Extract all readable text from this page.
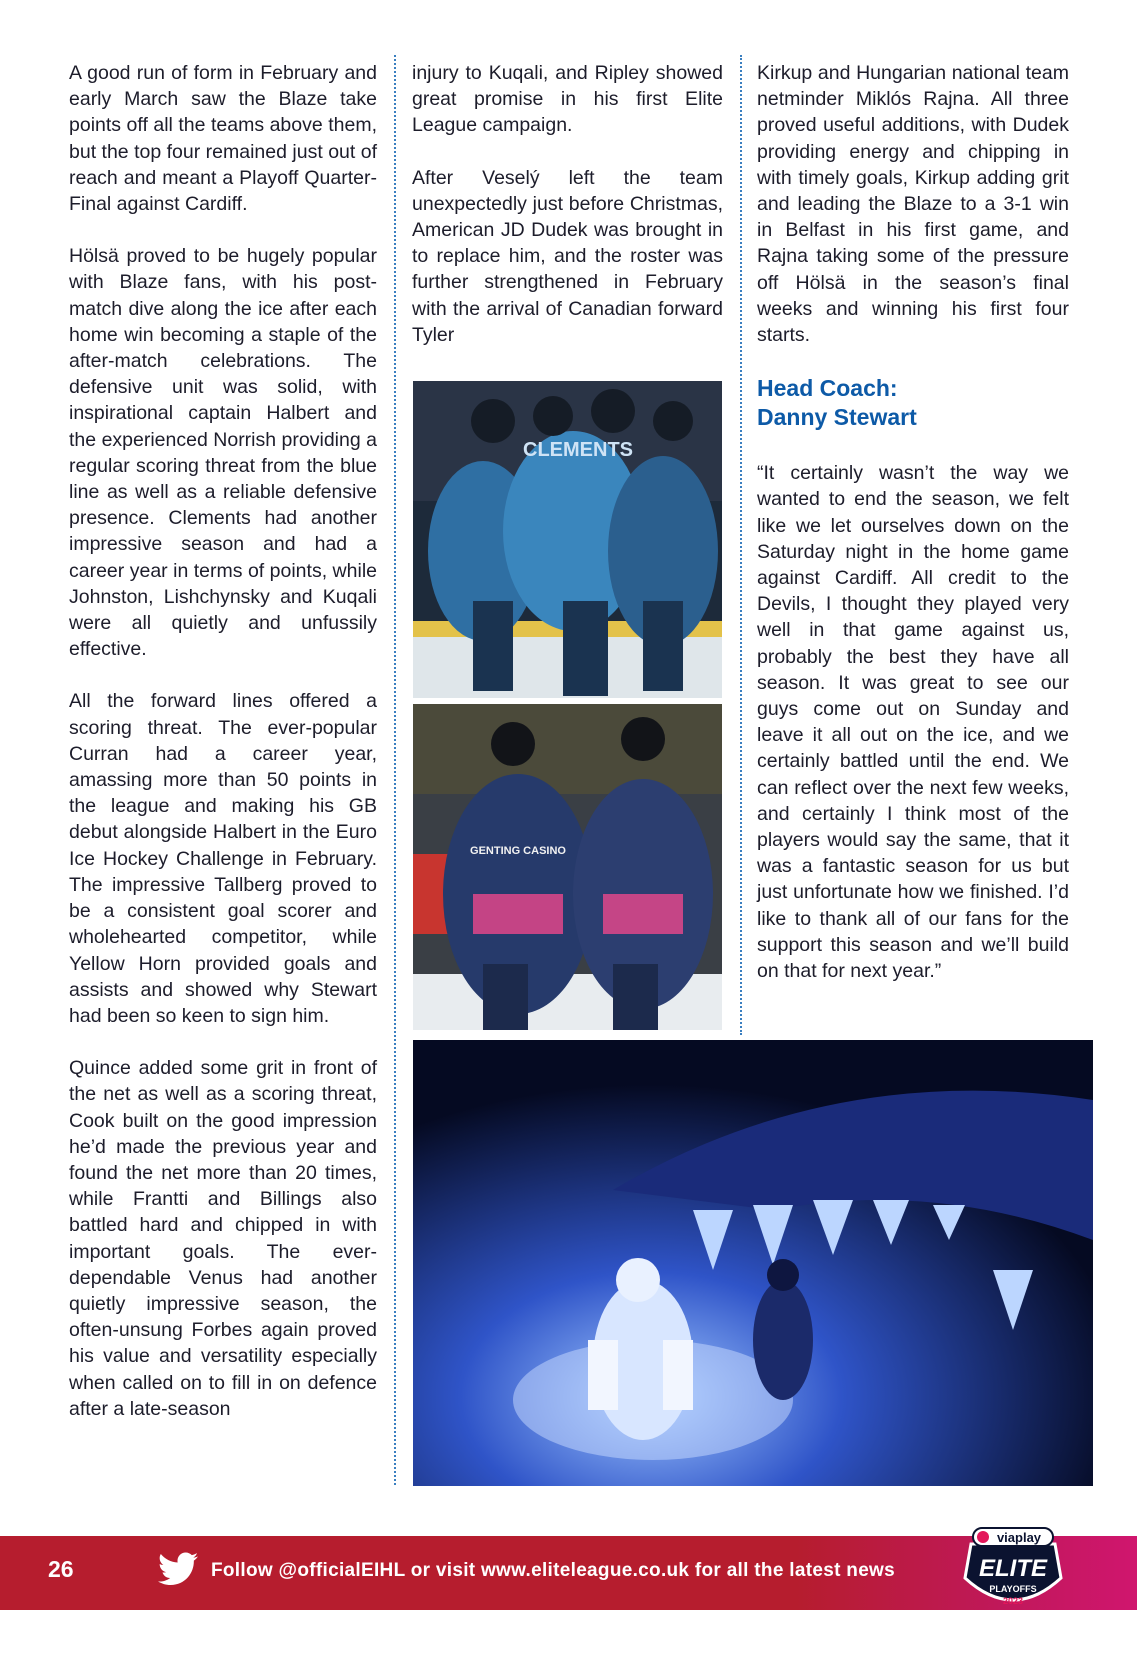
A good run of form in February and early March saw the Blaze take points off all the teams above them, but the top four remained just out of reach and meant a Playoff Quarter-Final against Cardiff.

Hölsä proved to be hugely popular with Blaze fans, with his post-match dive along the ice after each home win becoming a staple of the after-match celebrations. The defensive unit was solid, with inspirational captain Halbert and the experienced Norrish providing a regular scoring threat from the blue line as well as a reliable defensive presence. Clements had another impressive season and had a career year in terms of points, while Johnston, Lishchynsky and Kuqali were all quietly and unfussily effective.

All the forward lines offered a scoring threat. The ever-popular Curran had a career year, amassing more than 50 points in the league and making his GB debut alongside Halbert in the Euro Ice Hockey Challenge in February. The impressive Tallberg proved to be a consistent goal scorer and wholehearted competitor, while Yellow Horn provided goals and assists and showed why Stewart had been so keen to sign him.

Quince added some grit in front of the net as well as a scoring threat, Cook built on the good impression he’d made the previous year and found the net more than 20 times, while Frantti and Billings also battled hard and chipped in with important goals. The ever-dependable Venus had another quietly impressive season, the often-unsung Forbes again proved his value and versatility especially when called on to fill in on defence after a late-season

injury to Kuqali, and Ripley showed great promise in his first Elite League campaign.

After Veselý left the team unexpectedly just before Christmas, American JD Dudek was brought in to replace him, and the roster was further strengthened in February with the arrival of Canadian forward Tyler

Kirkup and Hungarian national team netminder Miklós Rajna. All three proved useful additions, with Dudek providing energy and chipping in with timely goals, Kirkup adding grit and leading the Blaze to a 3-1 win in Belfast in his first game, and Rajna taking some of the pressure off Hölsä in the season’s final weeks and winning his first four starts.

Head Coach:
Danny Stewart

“It certainly wasn’t the way we wanted to end the season, we felt like we let ourselves down on the Saturday night in the home game against Cardiff. All credit to the Devils, I thought they played very well in that game against us, probably the best they have all season. It was great to see our guys come out on Sunday and leave it all out on the ice, and we certainly battled until the end. We can reflect over the next few weeks, and certainly I think most of the players would say the same, that it was a fantastic season for us but just unfortunate how we finished. I’d like to thank all of our fans for the support this season and we’ll build on that for next year.”

CLEMENTS
GENTING CASINO
26	Follow @officialEIHL or visit www.eliteleague.co.uk for all the latest news
viaplay
ELITE
PLAYOFFS
2023
